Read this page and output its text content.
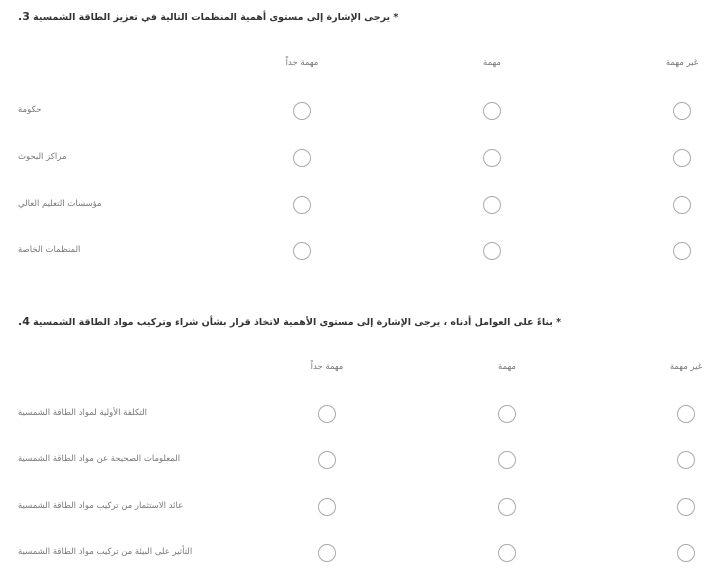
* يرجى الإشارة إلى مستوى أهمية المنظمات التالية في تعزيز الطاقة الشمسية 3.
مهمة جداً	مهمة	غير مهمة
حكومة
مراكز البحوث
مؤسسات التعليم العالي
المنظمات الخاصة
* بناءً على العوامل أدناه ، يرجى الإشارة إلى مستوى الأهمية لاتخاذ قرار بشأن شراء وتركيب مواد الطاقة الشمسية 4.
مهمة جداً	مهمة	غير مهمة
التكلفة الأولية لمواد الطاقة الشمسية
المعلومات الصحيحة عن مواد الطاقة الشمسية
عائد الاستثمار من تركيب مواد الطاقة الشمسية
التأثير على البيئة من تركيب مواد الطاقة الشمسية
